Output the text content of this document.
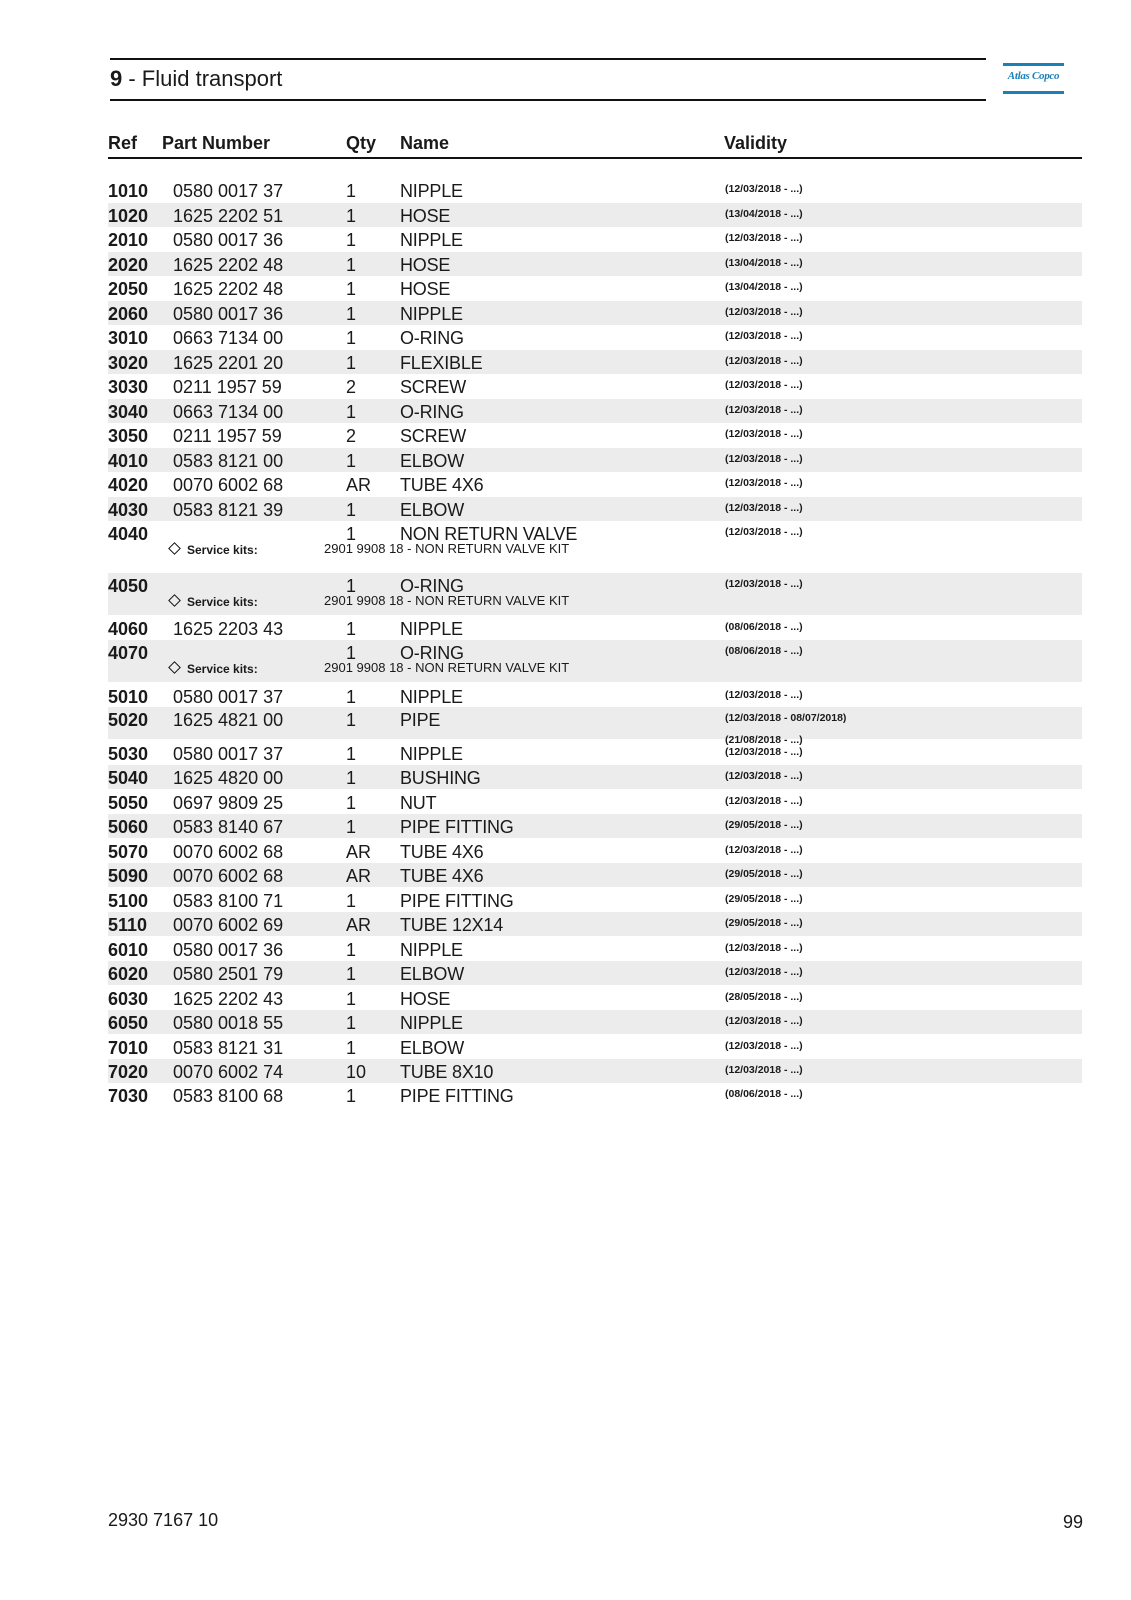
9 - Fluid transport	Atlas Copco
Ref Part Number	Qty Name	Validity
1010 0580 0017 37	1 NIPPLE	(12/03/2018 - ...)
1020 1625 2202 51	1 HOSE	(13/04/2018 - ...)
2010 0580 0017 36	1 NIPPLE	(12/03/2018 - ...)
2020 1625 2202 48	1 HOSE	(13/04/2018 - ...)
2050 1625 2202 48	1 HOSE	(13/04/2018 - ...)
2060 0580 0017 36	1 NIPPLE	(12/03/2018 - ...)
3010 0663 7134 00	1 O-RING	(12/03/2018 - ...)
3020 1625 2201 20	1 FLEXIBLE	(12/03/2018 - ...)
3030 0211 1957 59	2 SCREW	(12/03/2018 - ...)
3040 0663 7134 00	1 O-RING	(12/03/2018 - ...)
3050 0211 1957 59	2 SCREW	(12/03/2018 - ...)
4010 0583 8121 00	1 ELBOW	(12/03/2018 - ...)
4020 0070 6002 68	AR TUBE 4X6	(12/03/2018 - ...)
4030 0583 8121 39	1 ELBOW	(12/03/2018 - ...)
4040	1 NON RETURN VALVE	(12/03/2018 - ...)
Service kits:	2901 9908 18 - NON RETURN VALVE KIT
4050	1 O-RING	(12/03/2018 - ...)
Service kits:	2901 9908 18 - NON RETURN VALVE KIT
4060 1625 2203 43	1 NIPPLE	(08/06/2018 - ...)
4070	1 O-RING	(08/06/2018 - ...)
Service kits:	2901 9908 18 - NON RETURN VALVE KIT
5010 0580 0017 37	1 NIPPLE	(12/03/2018 - ...)
5020 1625 4821 00	1 PIPE	(12/03/2018 - 08/07/2018)
(21/08/2018 - ...)
5030 0580 0017 37	1 NIPPLE	(12/03/2018 - ...)
5040 1625 4820 00	1 BUSHING	(12/03/2018 - ...)
5050 0697 9809 25	1 NUT	(12/03/2018 - ...)
5060 0583 8140 67	1 PIPE FITTING	(29/05/2018 - ...)
5070 0070 6002 68	AR TUBE 4X6	(12/03/2018 - ...)
5090 0070 6002 68	AR TUBE 4X6	(29/05/2018 - ...)
5100 0583 8100 71	1 PIPE FITTING	(29/05/2018 - ...)
5110 0070 6002 69	AR TUBE 12X14	(29/05/2018 - ...)
6010 0580 0017 36	1 NIPPLE	(12/03/2018 - ...)
6020 0580 2501 79	1 ELBOW	(12/03/2018 - ...)
6030 1625 2202 43	1 HOSE	(28/05/2018 - ...)
6050 0580 0018 55	1 NIPPLE	(12/03/2018 - ...)
7010 0583 8121 31	1 ELBOW	(12/03/2018 - ...)
7020 0070 6002 74	10 TUBE 8X10	(12/03/2018 - ...)
7030 0583 8100 68	1 PIPE FITTING	(08/06/2018 - ...)
2930 7167 10	99
